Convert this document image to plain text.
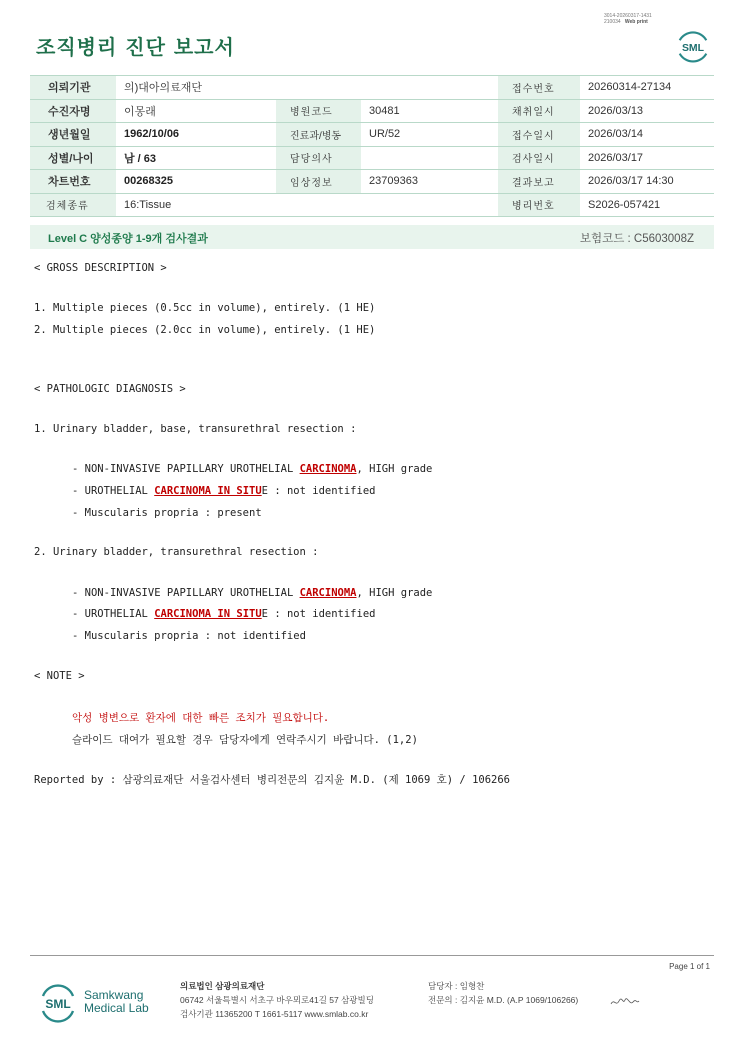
3014-20260317-1431
210034 Web print
조직병리 진단 보고서	SML
의뢰기관	의)대아의료재단			접수번호	20260314-27134
수진자명	이몽래	병원코드	30481	채취일시	2026/03/13
생년월일	1962/10/06	진료과/병동	UR/52	접수일시	2026/03/14
성별/나이	남 / 63	담당의사		검사일시	2026/03/17
차트번호	00268325	임상정보	23709363	결과보고	2026/03/17 14:30
검체종류	16:Tissue			병리번호	S2026-057421
Level C 양성종양 1-9개 검사결과	보험코드 : C5603008Z
< GROSS DESCRIPTION >
1. Multiple pieces (0.5cc in volume), entirely. (1 HE)
2. Multiple pieces (2.0cc in volume), entirely. (1 HE)
< PATHOLOGIC DIAGNOSIS >
1. Urinary bladder, base, transurethral resection :
- NON-INVASIVE PAPILLARY UROTHELIAL CARCINOMA, HIGH grade
- UROTHELIAL CARCINOMA IN SITUE : not identified
- Muscularis propria : present
2. Urinary bladder, transurethral resection :
- NON-INVASIVE PAPILLARY UROTHELIAL CARCINOMA, HIGH grade
- UROTHELIAL CARCINOMA IN SITUE : not identified
- Muscularis propria : not identified
< NOTE >
악성 병변으로 환자에 대한 빠른 조치가 필요합니다.
슬라이드 대여가 필요할 경우 담당자에게 연락주시기 바랍니다. (1,2)
Reported by : 삼광의료재단 서울검사센터 병리전문의 김지윤 M.D. (제 1069 호) / 106266
Page 1 of 1
SML
Samkwang
Medical Lab
의료법인 삼광의료재단
06742 서울특별시 서초구 바우뫼로41길 57 삼광빌딩
검사기관 11365200 T 1661-5117 www.smlab.co.kr
담당자 : 임형찬
전문의 : 김지윤 M.D. (A.P 1069/106266)
